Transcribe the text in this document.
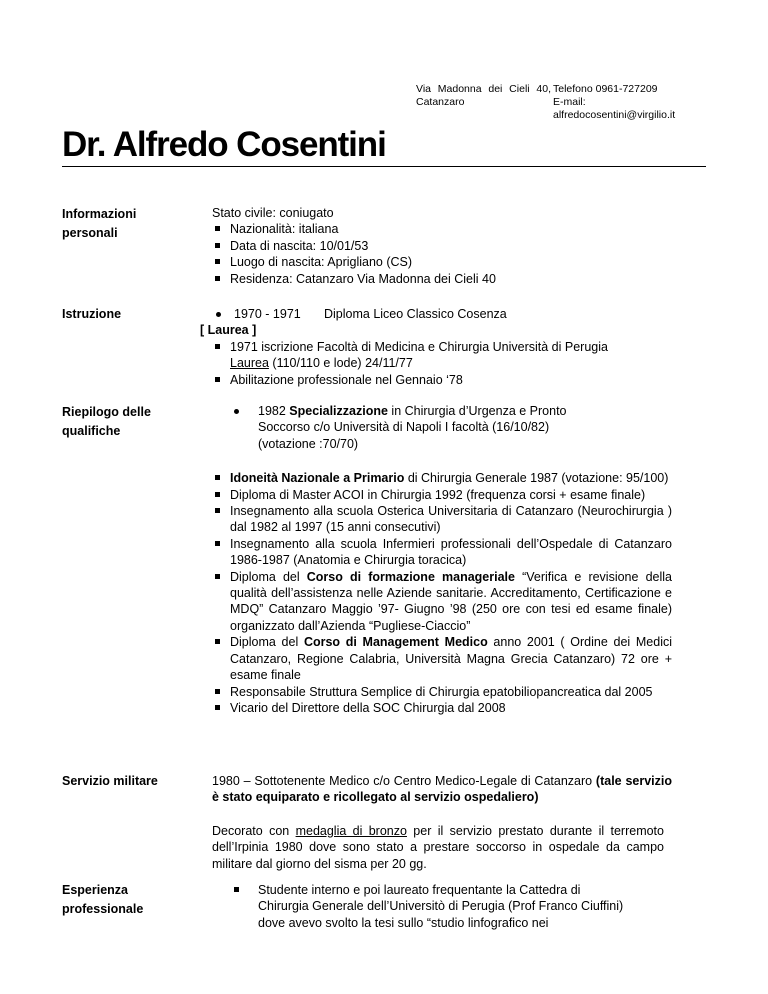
Via Madonna dei Cieli 40, Catanzaro
Telefono 0961-727209
E-mail:
alfredocosentini@virgilio.it
Dr. Alfredo Cosentini
Informazioni personali

Stato civile: coniugato

Nazionalità: italiana
Data di nascita: 10/01/53
Luogo di nascita: Aprigliano (CS)
Residenza: Catanzaro Via Madonna dei Cieli 40
Istruzione	1970 - 1971 Diploma Liceo Classico Cosenza

[ Laurea ]

1971 iscrizione Facoltà di Medicina e Chirurgia Università di Perugia
Laurea (110/110 e lode) 24/11/77
Abilitazione professionale nel Gennaio ‘78
Riepilogo delle qualifiche

1982 Specializzazione in Chirurgia d’Urgenza e Pronto

Soccorso c/o Università di Napoli I facoltà (16/10/82)

(votazione :70/70)

Idoneità Nazionale a Primario di Chirurgia Generale 1987 (votazione: 95/100)
Diploma di Master ACOI in Chirurgia 1992 (frequenza corsi + esame finale)
Insegnamento alla scuola Osterica Universitaria di Catanzaro (Neurochirurgia ) dal 1982 al 1997 (15 anni consecutivi)
Insegnamento alla scuola Infermieri professionali dell’Ospedale di Catanzaro 1986-1987 (Anatomia e Chirurgia toracica)
Diploma del Corso di formazione manageriale “Verifica e revisione della qualità dell’assistenza nelle Aziende sanitarie. Accreditamento, Certificazione e MDQ” Catanzaro Maggio ’97- Giugno ’98 (250 ore con tesi ed esame finale) organizzato dall’Azienda “Pugliese-Ciaccio”
Diploma del Corso di Management Medico anno 2001 ( Ordine dei Medici Catanzaro, Regione Calabria, Università Magna Grecia Catanzaro) 72 ore + esame finale
Responsabile Struttura Semplice di Chirurgia epatobiliopancreatica dal 2005
Vicario del Direttore della SOC Chirurgia dal 2008
Servizio militare	1980 – Sottotenente Medico c/o Centro Medico-Legale di Catanzaro (tale servizio è stato equiparato e ricollegato al servizio ospedaliero)

Decorato con medaglia di bronzo per il servizio prestato durante il terremoto dell’Irpinia 1980 dove sono stato a prestare soccorso in ospedale da campo militare dal giorno del sisma per 20 gg.

Esperienza professionale

Studente interno e poi laureato frequentante la Cattedra di Chirurgia Generale dell’Universitò di Perugia (Prof Franco Ciuffini) dove avevo svolto la tesi sullo “studio linfografico nei
